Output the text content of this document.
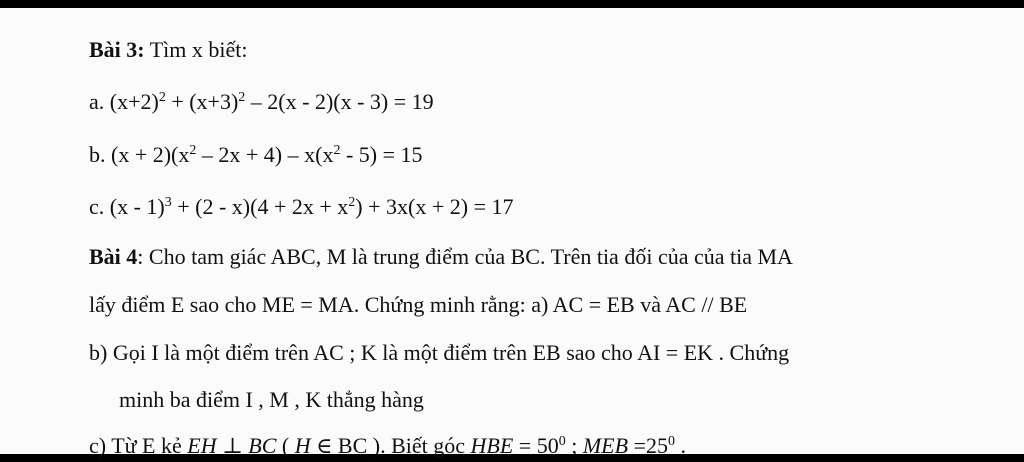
Bài 3: Tìm x biết:
a. $(x+2)^2 + (x+3)^2 - 2(x - 2)(x - 3) = 19$
b. $(x + 2)(x^2 - 2x + 4) - x(x^2 - 5) = 15$
c. $(x - 1)^3 + (2 - x)(4 + 2x + x^2) + 3x(x + 2) = 17$
Bài 4: Cho tam giác ABC, M là trung điểm của BC. Trên tia đối của của tia MA
lấy điểm E sao cho ME = MA. Chứng minh rằng: a) AC = EB và AC // BE
b) Gọi I là một điểm trên AC ; K là một điểm trên EB sao cho AI = EK . Chứng
minh ba điểm I , M , K thẳng hàng
c) Từ E kẻ EH ⊥ BC ( H ∈ BC ). Biết góc HBE = $50^0$ ; MEB $=25^0$ .
